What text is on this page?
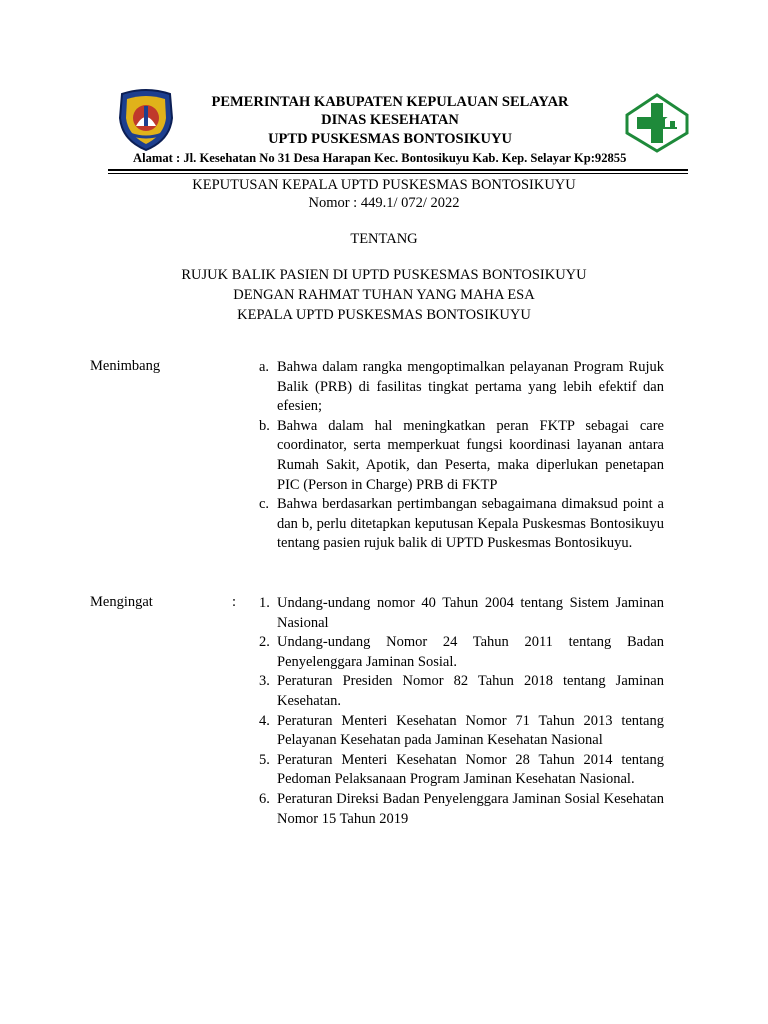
PEMERINTAH KABUPATEN KEPULAUAN SELAYAR
DINAS KESEHATAN
UPTD PUSKESMAS BONTOSIKUYU
Alamat : Jl. Kesehatan No 31 Desa Harapan Kec. Bontosikuyu Kab. Kep. Selayar Kp:92855
KEPUTUSAN KEPALA UPTD PUSKESMAS BONTOSIKUYU
Nomor : 449.1/ 072/ 2022
TENTANG
RUJUK BALIK PASIEN DI UPTD PUSKESMAS BONTOSIKUYU
DENGAN RAHMAT TUHAN YANG MAHA ESA
KEPALA UPTD PUSKESMAS BONTOSIKUYU
Menimbang	a. Bahwa dalam rangka mengoptimalkan pelayanan Program Rujuk Balik (PRB) di fasilitas tingkat pertama yang lebih efektif dan efesien;
b. Bahwa dalam hal meningkatkan peran FKTP sebagai care coordinator, serta memperkuat fungsi koordinasi layanan antara Rumah Sakit, Apotik, dan Peserta, maka diperlukan penetapan PIC (Person in Charge) PRB di FKTP
c. Bahwa berdasarkan pertimbangan sebagaimana dimaksud point a dan b, perlu ditetapkan keputusan Kepala Puskesmas Bontosikuyu tentang pasien rujuk balik di UPTD Puskesmas Bontosikuyu.
Mengingat	:	1. Undang-undang nomor 40 Tahun 2004 tentang Sistem Jaminan Nasional
2. Undang-undang Nomor 24 Tahun 2011 tentang Badan Penyelenggara Jaminan Sosial.
3. Peraturan Presiden Nomor 82 Tahun 2018 tentang Jaminan Kesehatan.
4. Peraturan Menteri Kesehatan Nomor 71 Tahun 2013 tentang Pelayanan Kesehatan pada Jaminan Kesehatan Nasional
5. Peraturan Menteri Kesehatan Nomor 28 Tahun 2014 tentang Pedoman Pelaksanaan Program Jaminan Kesehatan Nasional.
6. Peraturan Direksi Badan Penyelenggara Jaminan Sosial Kesehatan Nomor 15 Tahun 2019
